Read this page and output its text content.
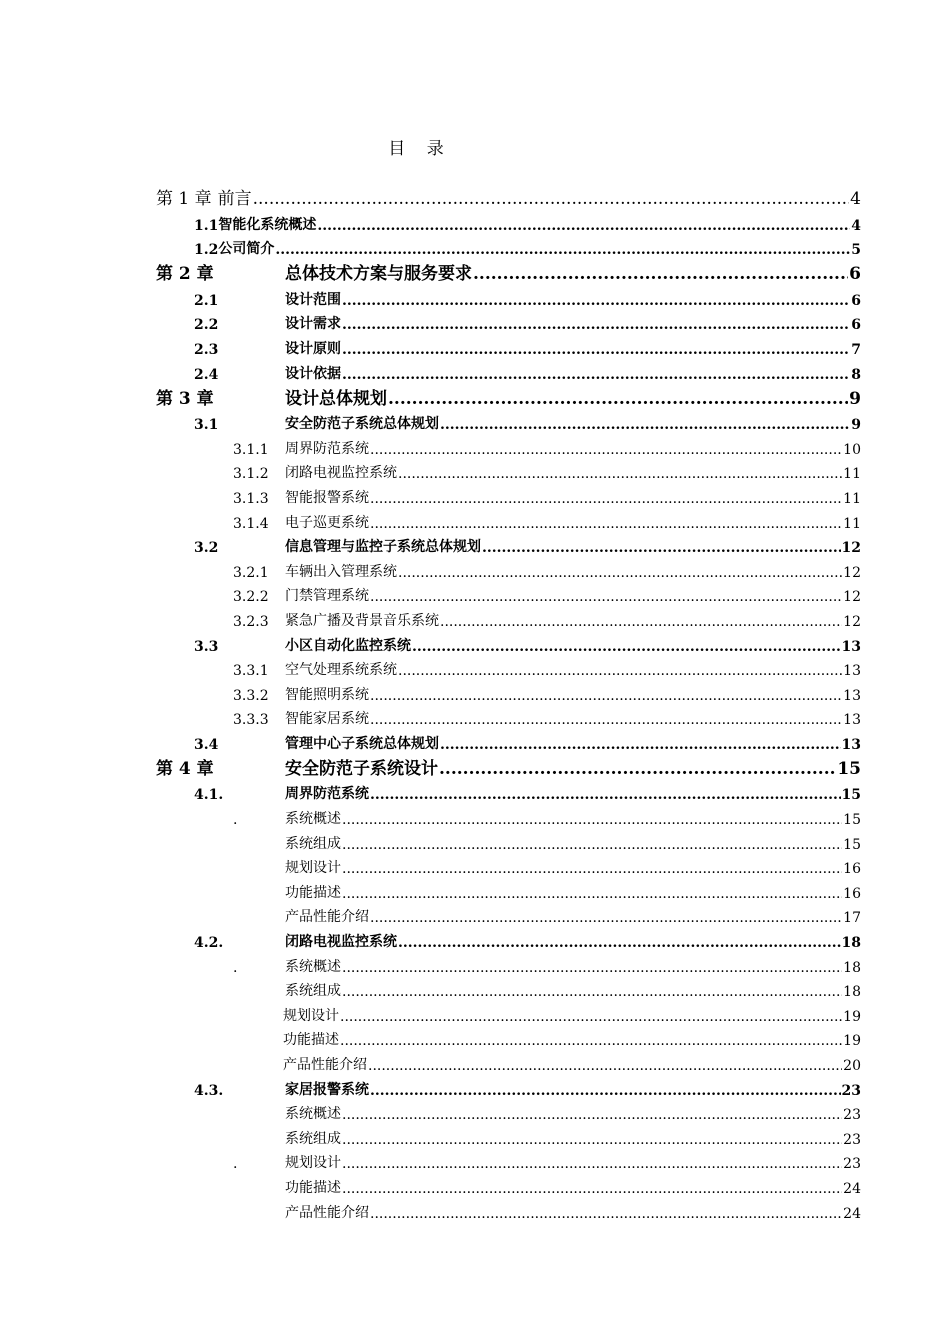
目 录
第 1 章 前言 .....	4
1.1 智能化系统概述 .....	4
1.2 公司简介 .....	5
第 2 章	总体技术方案与服务要求 .....	6
2.1	设计范围 .....	6
2.2	设计需求 .....	6
2.3	设计原则 .....	7
2.4	设计依据 .....	8
第 3 章	设计总体规划 .....	9
3.1	安全防范子系统总体规划 .....	9
3.1.1	周界防范系统 .....	10
3.1.2	闭路电视监控系统 .....	11
3.1.3	智能报警系统 .....	11
3.1.4	电子巡更系统 .....	11
3.2	信息管理与监控子系统总体规划 .....	12
3.2.1	车辆出入管理系统 .....	12
3.2.2	门禁管理系统 .....	12
3.2.3	紧急广播及背景音乐系统 .....	12
3.3	小区自动化监控系统 .....	13
3.3.1	空气处理系统系统 .....	13
3.3.2	智能照明系统 .....	13
3.3.3	智能家居系统 .....	13
3.4	管理中心子系统总体规划 .....	13
第 4 章	安全防范子系统设计 .....	15
4.1.	周界防范系统 .....	15
.	系统概述 .....	15
系统组成 .....	15
规划设计 .....	16
功能描述 .....	16
产品性能介绍 .....	17
4.2.	闭路电视监控系统 .....	18
.	系统概述 .....	18
系统组成 .....	18
规划设计 .....	19
功能描述 .....	19
产品性能介绍 .....	20
4.3.	家居报警系统 .....	23
系统概述 .....	23
系统组成 .....	23
.	规划设计 .....	23
功能描述 .....	24
产品性能介绍 .....	24
